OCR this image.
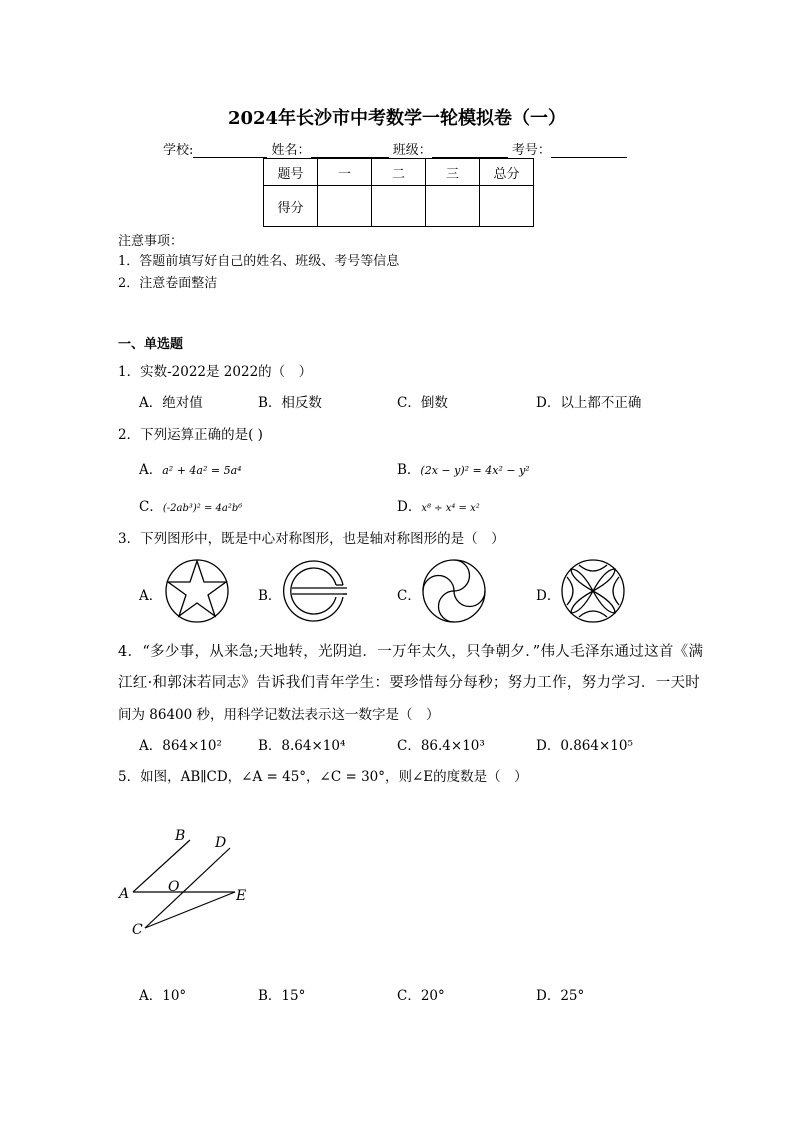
2024年长沙市中考数学一轮模拟卷（一）
学校:	姓名：	班级：	考号：
题号	一	二	三	总分
得分				
注意事项：
1．答题前填写好自己的姓名、班级、考号等信息
2．注意卷面整洁
一、单选题
1．实数-2022是 2022的（　）
A．绝对值	B．相反数	C．倒数	D．以上都不正确
2．下列运算正确的是( )
A．a² + 4a² = 5a⁴	B．(2x − y)² = 4x² − y²
C．(-2ab³)² = 4a²b⁶	D．x⁸ ÷ x⁴ = x²
3．下列图形中，既是中心对称图形，也是轴对称图形的是（　）
A．	B．	C．	D．
4．“多少事，从来急;天地转，光阴迫．一万年太久，只争朝夕．”伟人毛泽东通过这首《满
江红·和郭沫若同志》告诉我们青年学生：要珍惜每分每秒；努力工作，努力学习．一天时
间为 86400 秒，用科学记数法表示这一数字是（　）
A．864×10²	B．8.64×10⁴	C．86.4×10³	D．0.864×10⁵
5．如图，AB∥CD，∠A = 45°，∠C = 30°，则∠E的度数是（　）
B D
A	O
E
C
A．10°	B．15°	C．20°	D．25°
